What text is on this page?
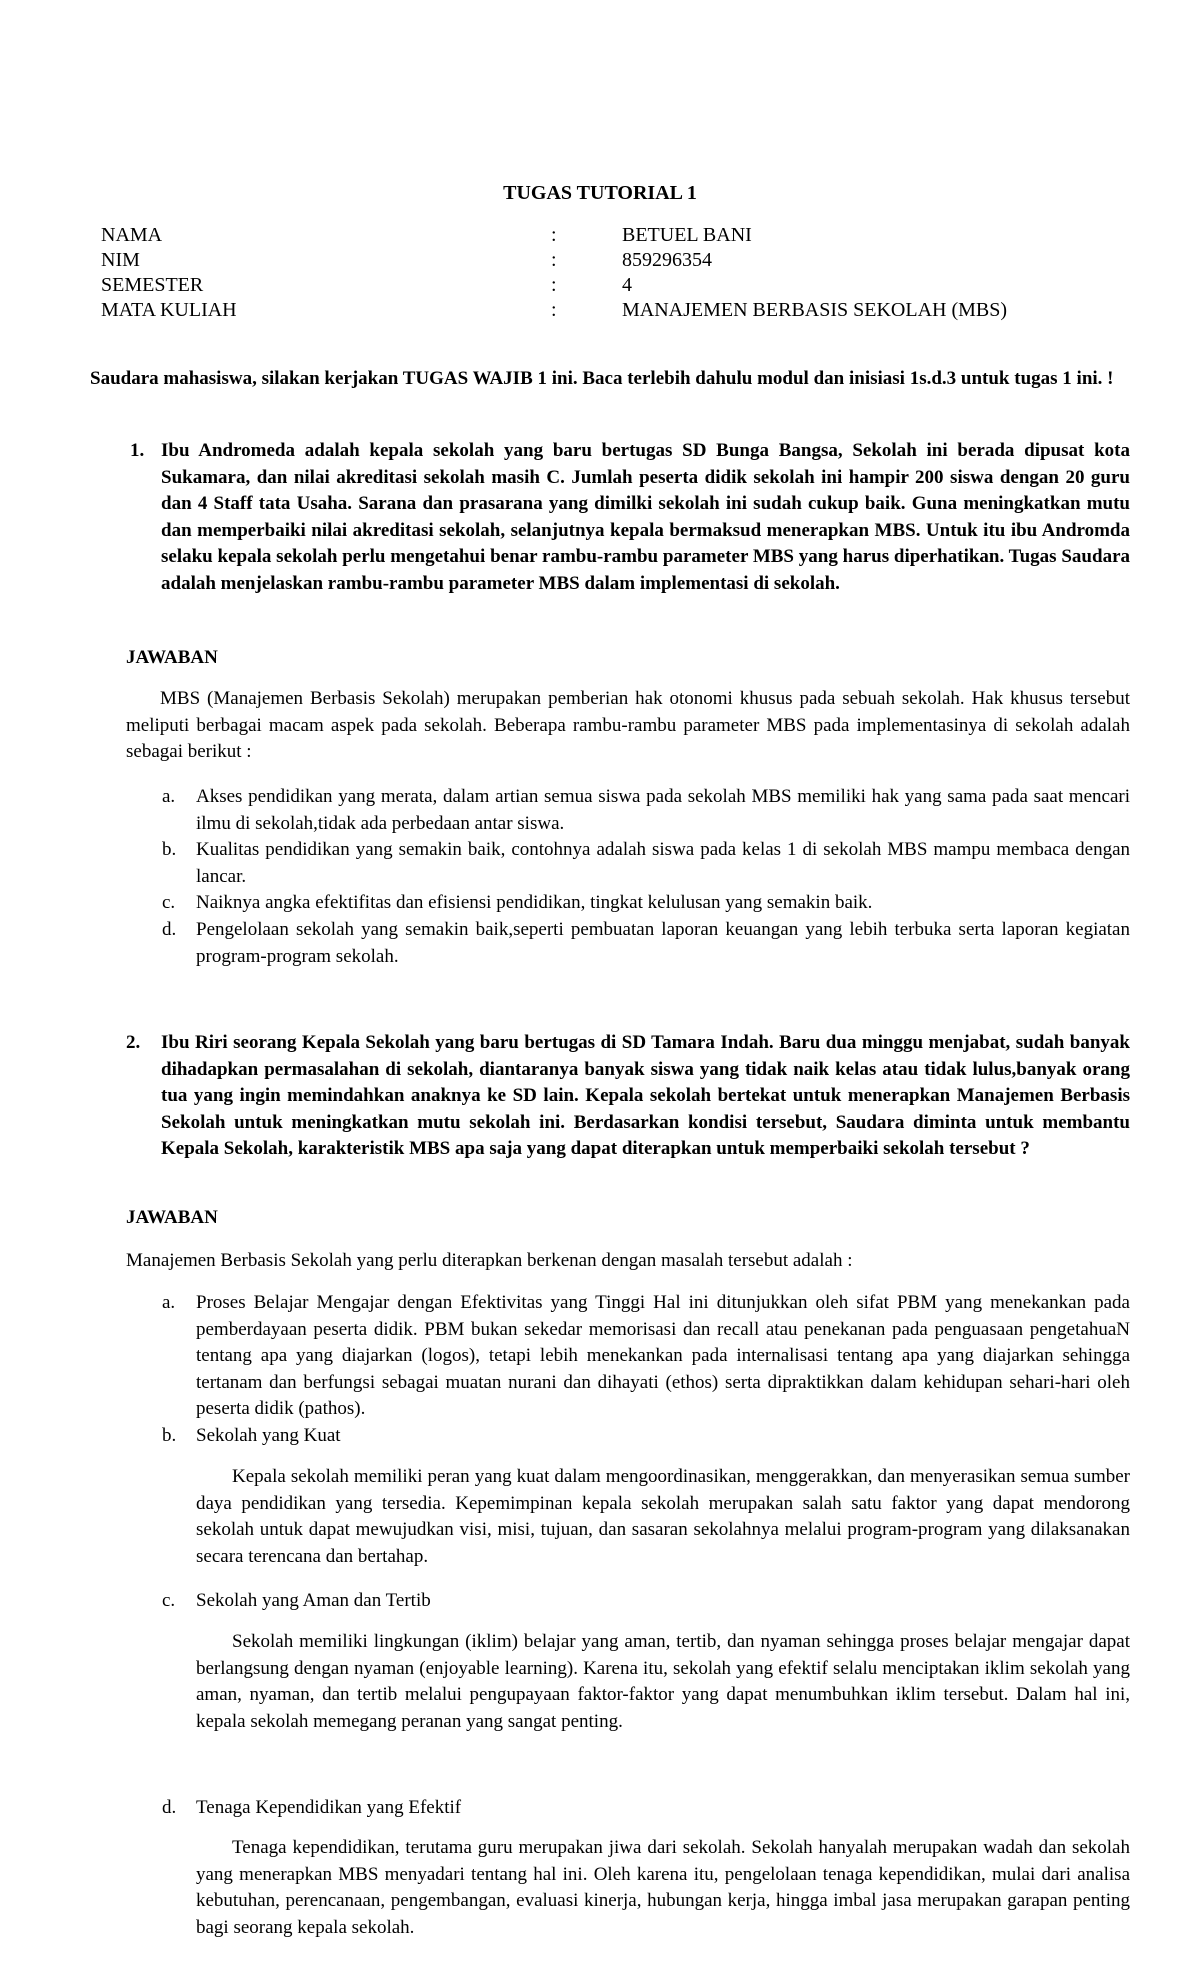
TUGAS TUTORIAL 1
NAMA	:	BETUEL BANI
NIM	:	859296354
SEMESTER	:	4
MATA KULIAH	:	MANAJEMEN BERBASIS SEKOLAH (MBS)
Saudara mahasiswa, silakan kerjakan TUGAS WAJIB 1 ini. Baca terlebih dahulu modul dan inisiasi 1s.d.3 untuk tugas 1 ini. !
1. Ibu Andromeda adalah kepala sekolah yang baru bertugas SD Bunga Bangsa, Sekolah ini berada dipusat kota Sukamara, dan nilai akreditasi sekolah masih C. Jumlah peserta didik sekolah ini hampir 200 siswa dengan 20 guru dan 4 Staff tata Usaha. Sarana dan prasarana yang dimilki sekolah ini sudah cukup baik. Guna meningkatkan mutu dan memperbaiki nilai akreditasi sekolah, selanjutnya kepala bermaksud menerapkan MBS. Untuk itu ibu Andromda selaku kepala sekolah perlu mengetahui benar rambu-rambu parameter MBS yang harus diperhatikan. Tugas Saudara adalah menjelaskan rambu-rambu parameter MBS dalam implementasi di sekolah.
JAWABAN
MBS (Manajemen Berbasis Sekolah) merupakan pemberian hak otonomi khusus pada sebuah sekolah. Hak khusus tersebut meliputi berbagai macam aspek pada sekolah. Beberapa rambu-rambu parameter MBS pada implementasinya di sekolah adalah sebagai berikut :
a. Akses pendidikan yang merata, dalam artian semua siswa pada sekolah MBS memiliki hak yang sama pada saat mencari ilmu di sekolah,tidak ada perbedaan antar siswa.
b. Kualitas pendidikan yang semakin baik, contohnya adalah siswa pada kelas 1 di sekolah MBS mampu membaca dengan lancar.
c. Naiknya angka efektifitas dan efisiensi pendidikan, tingkat kelulusan yang semakin baik.
d. Pengelolaan sekolah yang semakin baik,seperti pembuatan laporan keuangan yang lebih terbuka serta laporan kegiatan program-program sekolah.
2. Ibu Riri seorang Kepala Sekolah yang baru bertugas di SD Tamara Indah. Baru dua minggu menjabat, sudah banyak dihadapkan permasalahan di sekolah, diantaranya banyak siswa yang tidak naik kelas atau tidak lulus,banyak orang tua yang ingin memindahkan anaknya ke SD lain. Kepala sekolah bertekat untuk menerapkan Manajemen Berbasis Sekolah untuk meningkatkan mutu sekolah ini. Berdasarkan kondisi tersebut, Saudara diminta untuk membantu Kepala Sekolah, karakteristik MBS apa saja yang dapat diterapkan untuk memperbaiki sekolah tersebut ?
JAWABAN
Manajemen Berbasis Sekolah yang perlu diterapkan berkenan dengan masalah tersebut adalah :
a. Proses Belajar Mengajar dengan Efektivitas yang Tinggi Hal ini ditunjukkan oleh sifat PBM yang menekankan pada pemberdayaan peserta didik. PBM bukan sekedar memorisasi dan recall atau penekanan pada penguasaan pengetahuaN tentang apa yang diajarkan (logos), tetapi lebih menekankan pada internalisasi tentang apa yang diajarkan sehingga tertanam dan berfungsi sebagai muatan nurani dan dihayati (ethos) serta dipraktikkan dalam kehidupan sehari-hari oleh peserta didik (pathos).
b. Sekolah yang Kuat
Kepala sekolah memiliki peran yang kuat dalam mengoordinasikan, menggerakkan, dan menyerasikan semua sumber daya pendidikan yang tersedia. Kepemimpinan kepala sekolah merupakan salah satu faktor yang dapat mendorong sekolah untuk dapat mewujudkan visi, misi, tujuan, dan sasaran sekolahnya melalui program-program yang dilaksanakan secara terencana dan bertahap.
c. Sekolah yang Aman dan Tertib
Sekolah memiliki lingkungan (iklim) belajar yang aman, tertib, dan nyaman sehingga proses belajar mengajar dapat berlangsung dengan nyaman (enjoyable learning). Karena itu, sekolah yang efektif selalu menciptakan iklim sekolah yang aman, nyaman, dan tertib melalui pengupayaan faktor-faktor yang dapat menumbuhkan iklim tersebut. Dalam hal ini, kepala sekolah memegang peranan yang sangat penting.
d. Tenaga Kependidikan yang Efektif
Tenaga kependidikan, terutama guru merupakan jiwa dari sekolah. Sekolah hanyalah merupakan wadah dan sekolah yang menerapkan MBS menyadari tentang hal ini. Oleh karena itu, pengelolaan tenaga kependidikan, mulai dari analisa kebutuhan, perencanaan, pengembangan, evaluasi kinerja, hubungan kerja, hingga imbal jasa merupakan garapan penting bagi seorang kepala sekolah.
